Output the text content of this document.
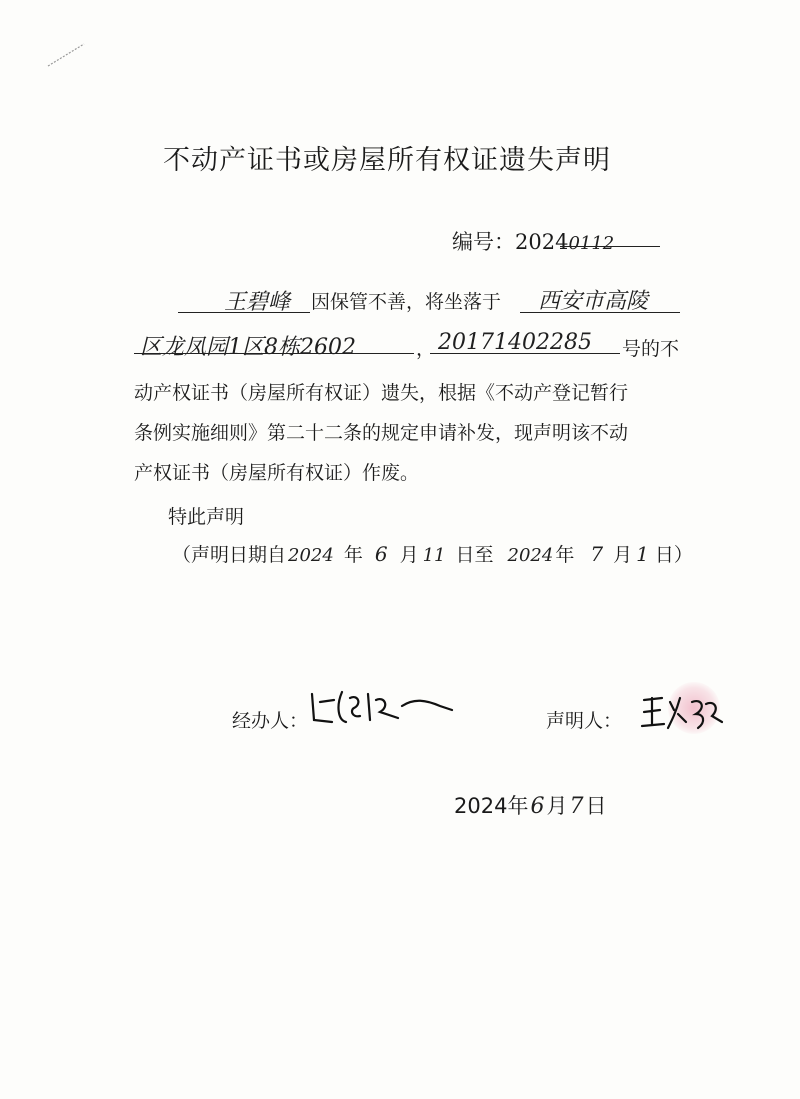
不动产证书或房屋所有权证遗失声明
编号：20240112
王碧峰 因保管不善，将坐落于 西安市高陵
区龙凤园1区8栋2602	， 20171402285 号的不
动产权证书（房屋所有权证）遗失，根据《不动产登记暂行
条例实施细则》第二十二条的规定申请补发，现声明该不动
产权证书（房屋所有权证）作废。
特此声明
（声明日期自 2024 年 6 月 11 日至 2024 年 7 月 1 日）
经办人：	声明人：
2024年6月7日
